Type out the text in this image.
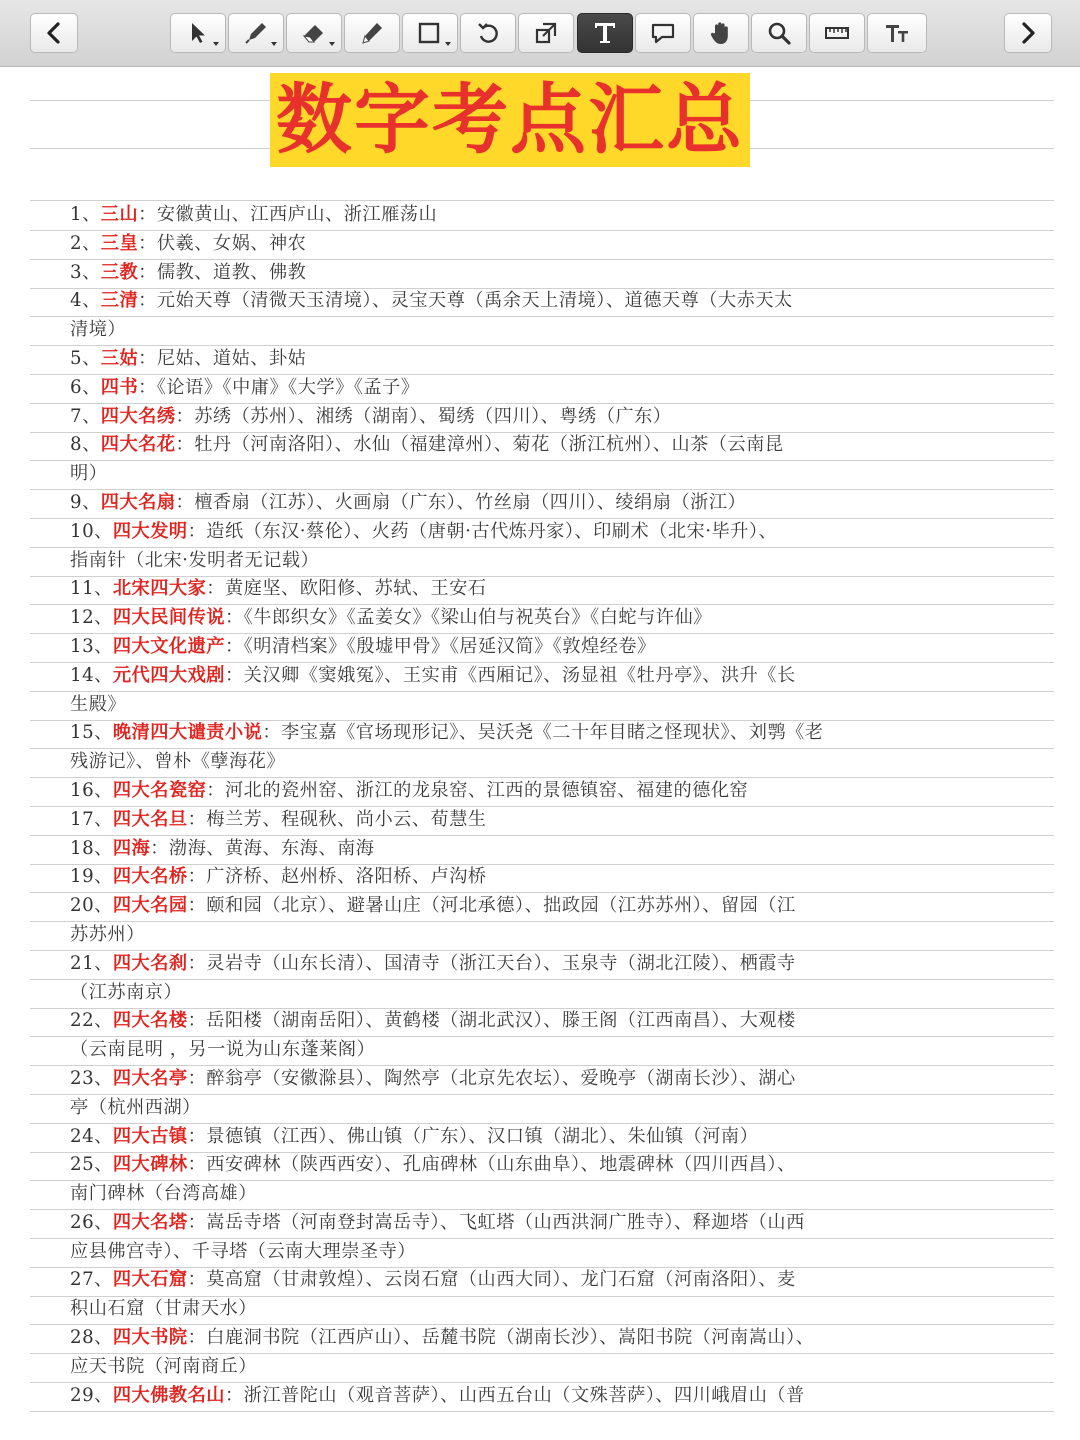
数字考点汇总
1、三山：安徽黄山、江西庐山、浙江雁荡山
2、三皇：伏羲、女娲、神农
3、三教：儒教、道教、佛教
4、三清：元始天尊（清微天玉清境）、灵宝天尊（禹余天上清境）、道德天尊（大赤天太
清境）
5、三姑：尼姑、道姑、卦姑
6、四书：《论语》《中庸》《大学》《孟子》
7、四大名绣：苏绣（苏州）、湘绣（湖南）、蜀绣（四川）、粤绣（广东）
8、四大名花：牡丹（河南洛阳）、水仙（福建漳州）、菊花（浙江杭州）、山茶（云南昆
明）
9、四大名扇：檀香扇（江苏）、火画扇（广东）、竹丝扇（四川）、绫绢扇（浙江）
10、四大发明：造纸（东汉·蔡伦）、火药（唐朝·古代炼丹家）、印刷术（北宋·毕升）、
指南针（北宋·发明者无记载）
11、北宋四大家：黄庭坚、欧阳修、苏轼、王安石
12、四大民间传说：《牛郎织女》《孟姜女》《梁山伯与祝英台》《白蛇与许仙》
13、四大文化遗产：《明清档案》《殷墟甲骨》《居延汉简》《敦煌经卷》
14、元代四大戏剧：关汉卿《窦娥冤》、王实甫《西厢记》、汤显祖《牡丹亭》、洪升《长
生殿》
15、晚清四大谴责小说：李宝嘉《官场现形记》、吴沃尧《二十年目睹之怪现状》、刘鹗《老
残游记》、曾朴《孽海花》
16、四大名瓷窑：河北的瓷州窑、浙江的龙泉窑、江西的景德镇窑、福建的德化窑
17、四大名旦：梅兰芳、程砚秋、尚小云、荀慧生
18、四海：渤海、黄海、东海、南海
19、四大名桥：广济桥、赵州桥、洛阳桥、卢沟桥
20、四大名园：颐和园（北京）、避暑山庄（河北承德）、拙政园（江苏苏州）、留园（江
苏苏州）
21、四大名刹：灵岩寺（山东长清）、国清寺（浙江天台）、玉泉寺（湖北江陵）、栖霞寺
（江苏南京）
22、四大名楼：岳阳楼（湖南岳阳）、黄鹤楼（湖北武汉）、滕王阁（江西南昌）、大观楼
（云南昆明 ，另一说为山东蓬莱阁）
23、四大名亭：醉翁亭（安徽滁县）、陶然亭（北京先农坛）、爱晚亭（湖南长沙）、湖心
亭（杭州西湖）
24、四大古镇：景德镇（江西）、佛山镇（广东）、汉口镇（湖北）、朱仙镇（河南）
25、四大碑林：西安碑林（陕西西安）、孔庙碑林（山东曲阜）、地震碑林（四川西昌）、
南门碑林（台湾高雄）
26、四大名塔：嵩岳寺塔（河南登封嵩岳寺）、飞虹塔（山西洪洞广胜寺）、释迦塔（山西
应县佛宫寺）、千寻塔（云南大理崇圣寺）
27、四大石窟：莫高窟（甘肃敦煌）、云岗石窟（山西大同）、龙门石窟（河南洛阳）、麦
积山石窟（甘肃天水）
28、四大书院：白鹿洞书院（江西庐山）、岳麓书院（湖南长沙）、嵩阳书院（河南嵩山）、
应天书院（河南商丘）
29、四大佛教名山：浙江普陀山（观音菩萨）、山西五台山（文殊菩萨）、四川峨眉山（普
